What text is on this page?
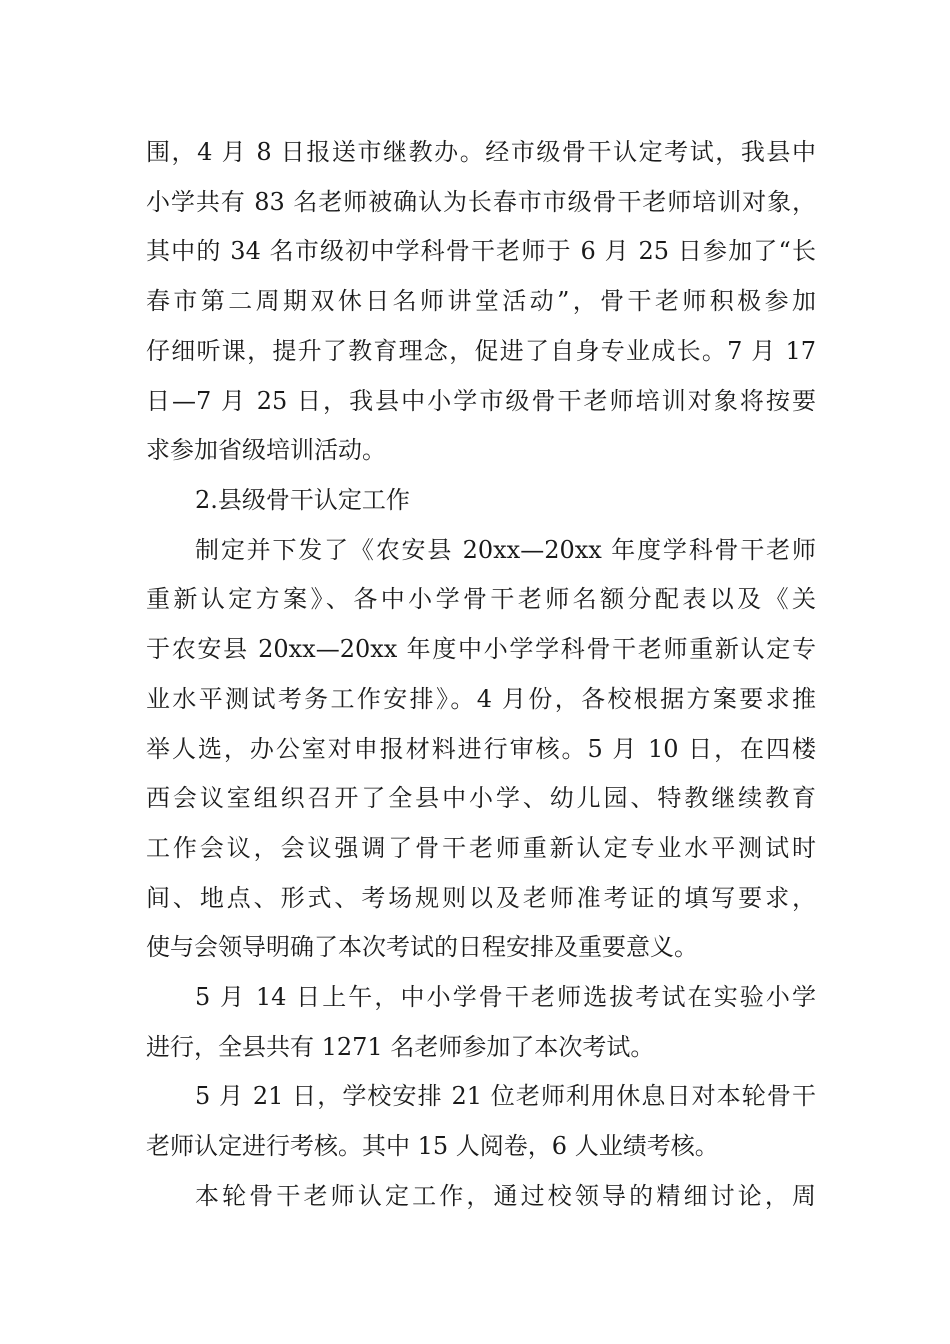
围，4 月 8 日报送市继教办。经市级骨干认定考试，我县中
小学共有 83 名老师被确认为长春市市级骨干老师培训对象，
其中的 34 名市级初中学科骨干老师于 6 月 25 日参加了“长
春市第二周期双休日名师讲堂活动”，骨干老师积极参加
仔细听课，提升了教育理念，促进了自身专业成长。7 月 17
日—7 月 25 日，我县中小学市级骨干老师培训对象将按要
求参加省级培训活动。
2.县级骨干认定工作
制定并下发了《农安县 20xx—20xx 年度学科骨干老师
重新认定方案》、各中小学骨干老师名额分配表以及《关
于农安县 20xx—20xx 年度中小学学科骨干老师重新认定专
业水平测试考务工作安排》。4 月份，各校根据方案要求推
举人选，办公室对申报材料进行审核。5 月 10 日，在四楼
西会议室组织召开了全县中小学、幼儿园、特教继续教育
工作会议，会议强调了骨干老师重新认定专业水平测试时
间、地点、形式、考场规则以及老师准考证的填写要求，
使与会领导明确了本次考试的日程安排及重要意义。
5 月 14 日上午，中小学骨干老师选拔考试在实验小学
进行，全县共有 1271 名老师参加了本次考试。
5 月 21 日，学校安排 21 位老师利用休息日对本轮骨干
老师认定进行考核。其中 15 人阅卷，6 人业绩考核。
本轮骨干老师认定工作，通过校领导的精细讨论，周
